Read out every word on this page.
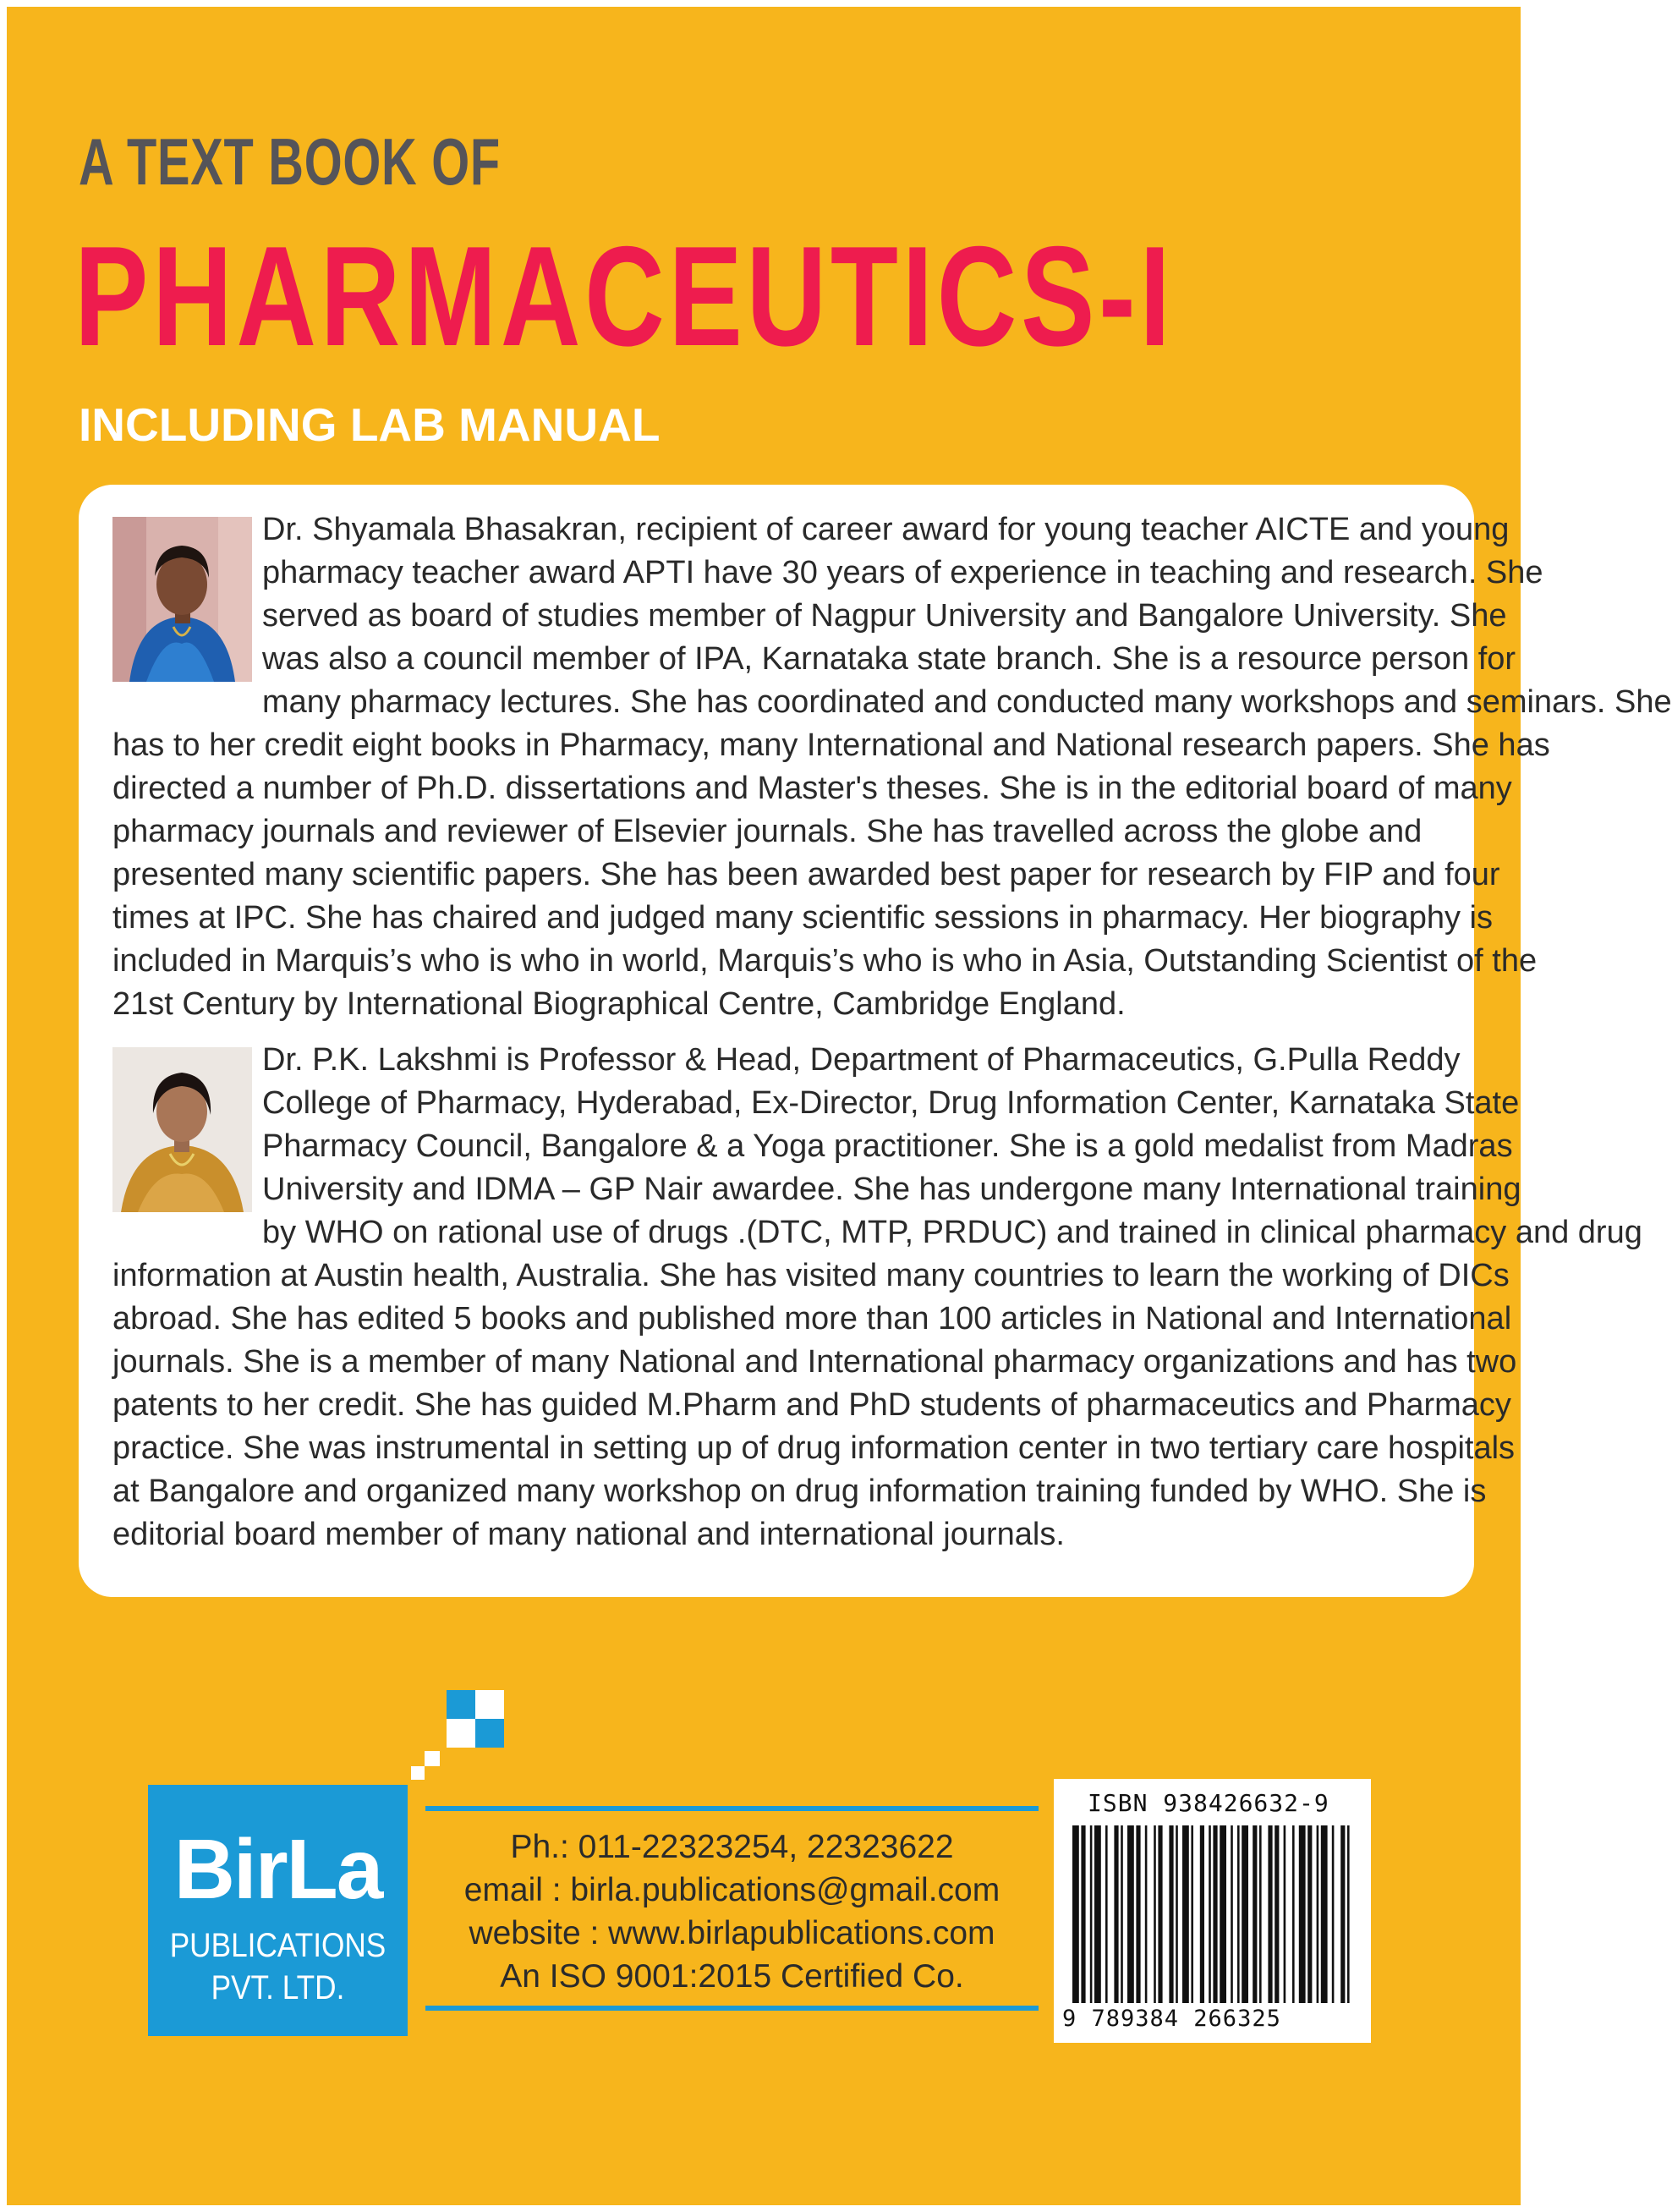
A TEXT BOOK OF
PHARMACEUTICS-I
INCLUDING LAB MANUAL

Dr. Shyamala Bhasakran, recipient of career award for young teacher AICTE and young
pharmacy teacher award APTI have 30 years of experience in teaching and research. She
served as board of studies member of Nagpur University and Bangalore University. She
was also a council member of IPA, Karnataka state branch. She is a resource person for
many pharmacy lectures. She has coordinated and conducted many workshops and seminars. She
has to her credit eight books in Pharmacy, many International and National research papers. She has
directed a number of Ph.D. dissertations and Master's theses. She is in the editorial board of many
pharmacy journals and reviewer of Elsevier journals. She has travelled across the globe and
presented many scientific papers. She has been awarded best paper for research by FIP and four
times at IPC. She has chaired and judged many scientific sessions in pharmacy. Her biography is
included in Marquis’s who is who in world, Marquis’s who is who in Asia, Outstanding Scientist of the
21st Century by International Biographical Centre, Cambridge England.

Dr. P.K. Lakshmi is Professor & Head, Department of Pharmaceutics, G.Pulla Reddy
College of Pharmacy, Hyderabad, Ex-Director, Drug Information Center, Karnataka State
Pharmacy Council, Bangalore & a Yoga practitioner. She is a gold medalist from Madras
University and IDMA – GP Nair awardee. She has undergone many International training
by WHO on rational use of drugs .(DTC, MTP, PRDUC) and trained in clinical pharmacy and drug
information at Austin health, Australia. She has visited many countries to learn the working of DICs
abroad. She has edited 5 books and published more than 100 articles in National and International
journals. She is a member of many National and International pharmacy organizations and has two
patents to her credit. She has guided M.Pharm and PhD students of pharmaceutics and Pharmacy
practice. She was instrumental in setting up of drug information center in two tertiary care hospitals
at Bangalore and organized many workshop on drug information training funded by WHO. She is
editorial board member of many national and international journals.

BirLa
PUBLICATIONS
PVT. LTD.
Ph.: 011-22323254, 22323622
email : birla.publications@gmail.com
website : www.birlapublications.com
An ISO 9001:2015 Certified Co.
ISBN 938426632-9
9 789384 266325
